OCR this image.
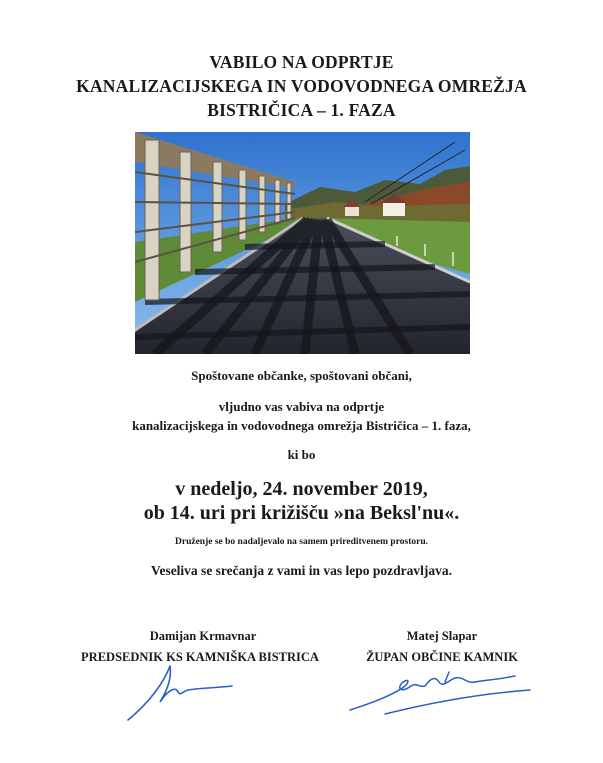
VABILO NA ODPRTJE
KANALIZACIJSKEGA IN VODOVODNEGA OMREŽJA
BISTRIČICA – 1. FAZA
Spoštovane občanke, spoštovani občani,
vljudno vas vabiva na odprtje
kanalizacijskega in vodovodnega omrežja Bistričica – 1. faza,
ki bo
v nedeljo, 24. november 2019,
ob 14. uri pri križišču »na Beksl'nu«.
Druženje se bo nadaljevalo na samem prireditvenem prostoru.
Veseliva se srečanja z vami in vas lepo pozdravljava.
Damijan Krmavnar
PREDSEDNIK KS KAMNIŠKA BISTRICA
Matej Slapar
ŽUPAN OBČINE KAMNIK
